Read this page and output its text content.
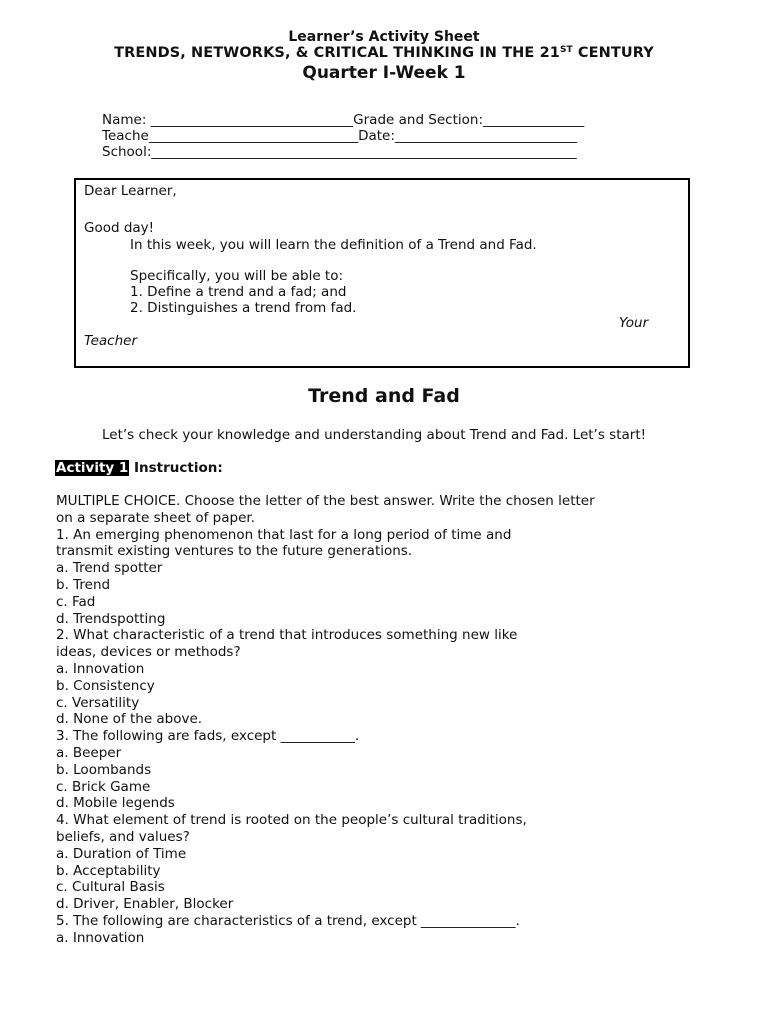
Learner’s Activity Sheet
TRENDS, NETWORKS, & CRITICAL THINKING IN THE 21ST CENTURY
Quarter I-Week 1
Name: ______________________________Grade and Section:_______________
Teache_______________________________Date:___________________________
School:_______________________________________________________________
Dear Learner,
Good day!
In this week, you will learn the definition of a Trend and Fad.
Specifically, you will be able to:
1. Define a trend and a fad; and
2. Distinguishes a trend from fad.
Your
Teacher
Trend and Fad
Let’s check your knowledge and understanding about Trend and Fad. Let’s start!
Activity 1 Instruction:
MULTIPLE CHOICE. Choose the letter of the best answer. Write the chosen letter
on a separate sheet of paper.
1. An emerging phenomenon that last for a long period of time and
transmit existing ventures to the future generations.
a. Trend spotter
b. Trend
c. Fad
d. Trendspotting
2. What characteristic of a trend that introduces something new like
ideas, devices or methods?
a. Innovation
b. Consistency
c. Versatility
d. None of the above.
3. The following are fads, except ___________.
a. Beeper
b. Loombands
c. Brick Game
d. Mobile legends
4. What element of trend is rooted on the people’s cultural traditions,
beliefs, and values?
a. Duration of Time
b. Acceptability
c. Cultural Basis
d. Driver, Enabler, Blocker
5. The following are characteristics of a trend, except ______________.
a. Innovation
